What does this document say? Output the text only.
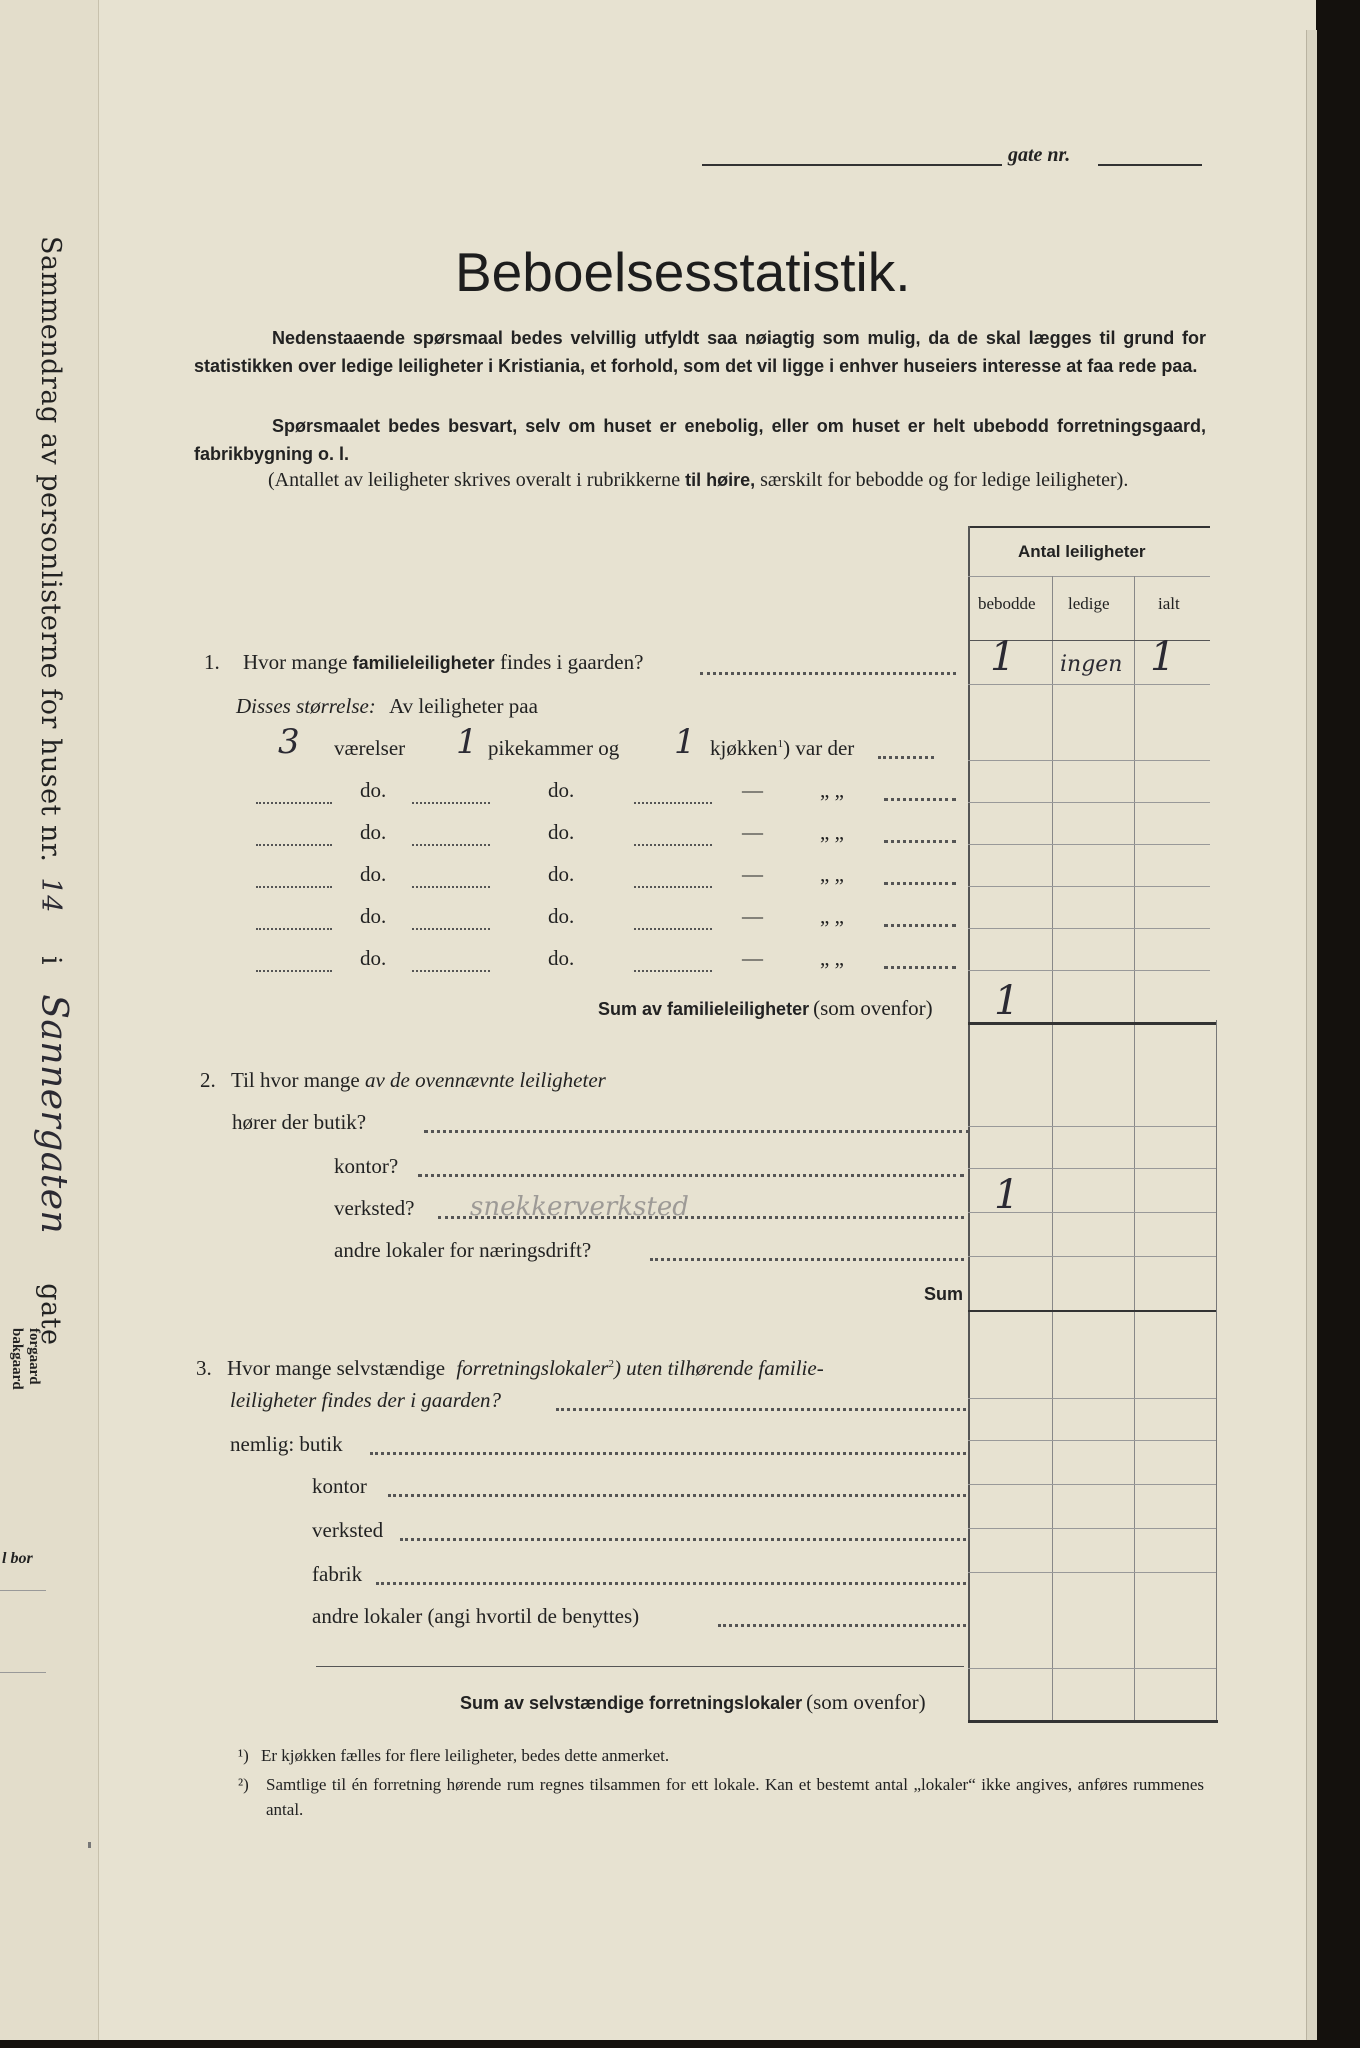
Sammendrag av personlisterne for huset nr. 14 i Sannergaten gate
forgaard
bakgaard
l bor
gate nr.
Beboelsesstatistik.
Nedenstaaende spørsmaal bedes velvillig utfyldt saa nøiagtig som mulig, da de skal lægges til grund for statistikken over ledige leiligheter i Kristiania, et forhold, som det vil ligge i enhver huseiers interesse at faa rede paa.
Spørsmaalet bedes besvart, selv om huset er enebolig, eller om huset er helt ubebodd forretningsgaard, fabrikbygning o. l.
(Antallet av leiligheter skrives overalt i rubrikkerne til høire, særskilt for bebodde og for ledige leiligheter).
Antal leiligheter
bebodde ledige	ialt
1. Hvor mange familieleiligheter findes i gaarden?	1 ingen 1
Disses størrelse: Av leiligheter paa
3 værelser 1 pikekammer og 1 kjøkken$^1$) var der
do.	do.	—	„ „
do.	do.	—	„ „
do.	do.	—	„ „
do.	do.	—	„ „
do.	do.	—	„ „
Sum av familieleiligheter (som ovenfor) 1
2. Til hvor mange av de ovennævnte leiligheter
hører der butik?
kontor?
verksted? snekkerverksted	1
andre lokaler for næringsdrift?
Sum
3. Hvor mange selvstændige forretningslokaler$^2$) uten tilhørende familie-
leiligheter findes der i gaarden?
nemlig: butik
kontor
verksted
fabrik
andre lokaler (angi hvortil de benyttes)
Sum av selvstændige forretningslokaler (som ovenfor)
¹) Er kjøkken fælles for flere leiligheter, bedes dette anmerket.
²) Samtlige til én forretning hørende rum regnes tilsammen for ett lokale. Kan et bestemt antal „lokaler“ ikke angives, anføres rummenes antal.
